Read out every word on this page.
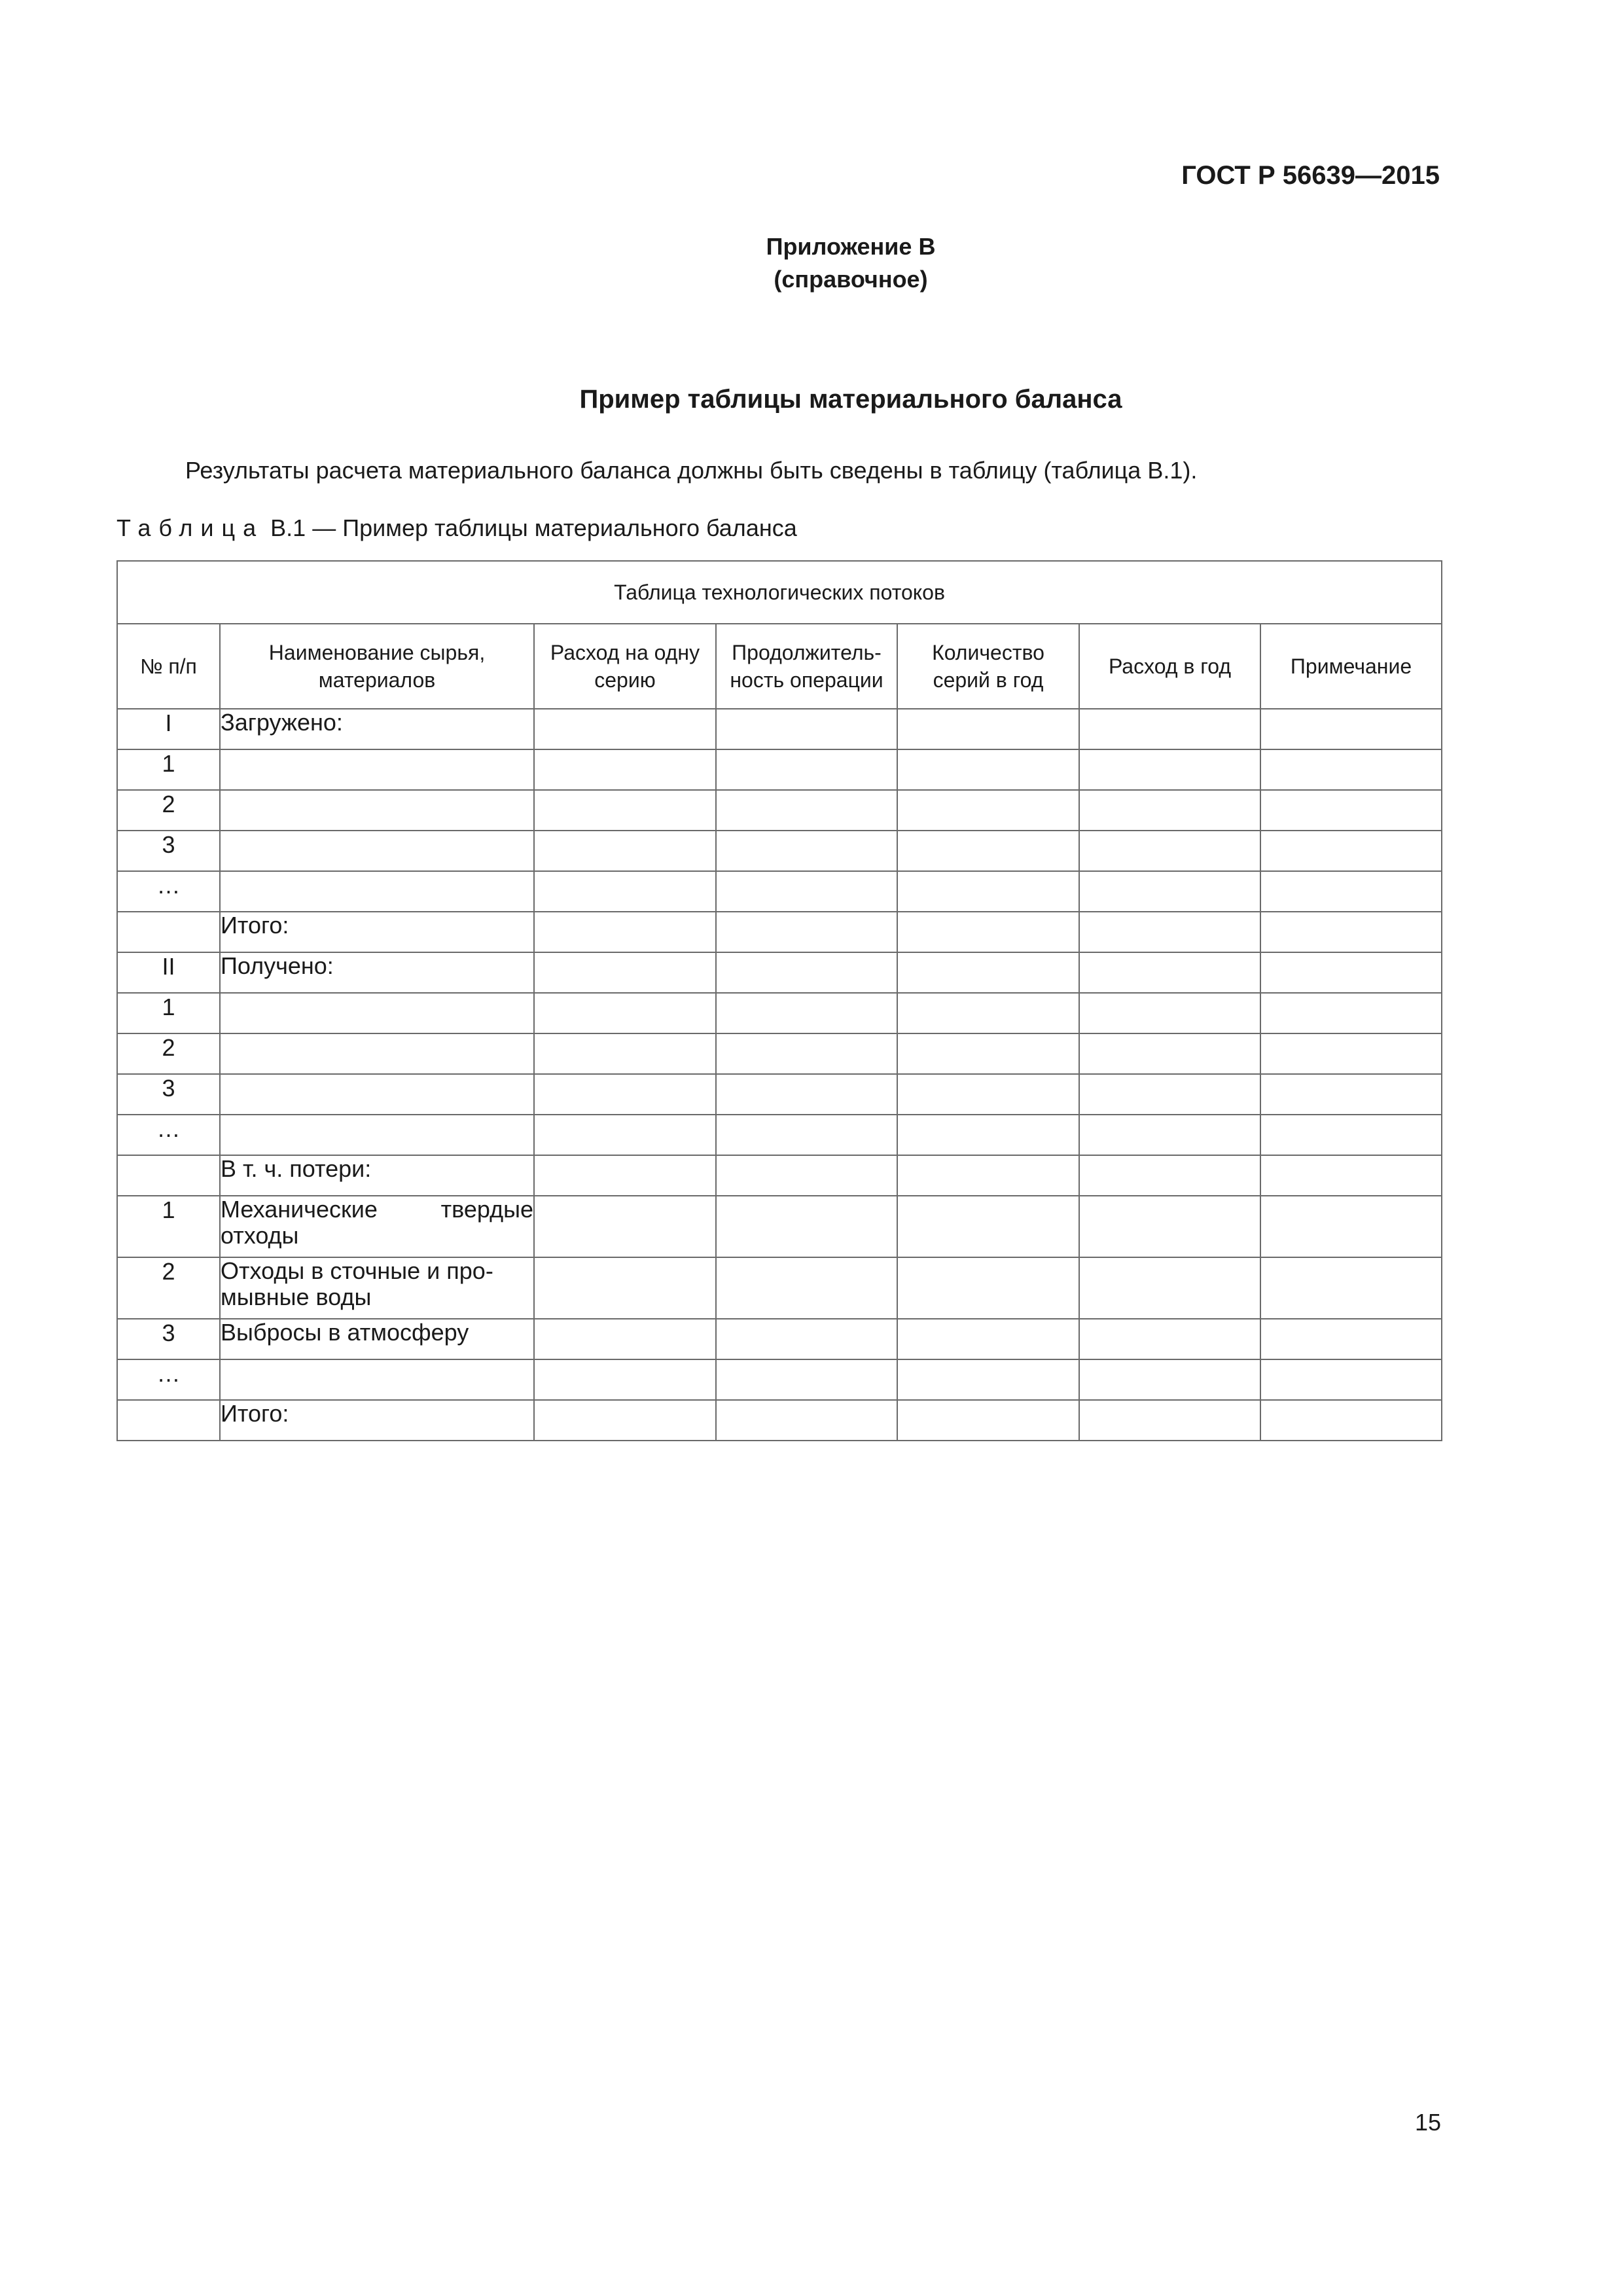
ГОСТ Р 56639—2015
Приложение В
(справочное)
Пример таблицы материального баланса
Результаты расчета материального баланса должны быть сведены в таблицу (таблица В.1).
Таблица В.1 — Пример таблицы материального баланса
Таблица технологических потоков						
№ п/п	Наименование сырья, материалов	Расход на одну серию	Продолжитель-ность операции	Количество серий в год	Расход в год	Примечание
I	Загружено:					
1						
2						
3						
…						
	Итого:					
II	Получено:					
1						
2						
3						
…						
	В т. ч. потери:					
1	Механические твердые отходы					
2	Отходы в сточные и про-мывные воды					
3	Выбросы в атмосферу					
…						
	Итого:					
15
